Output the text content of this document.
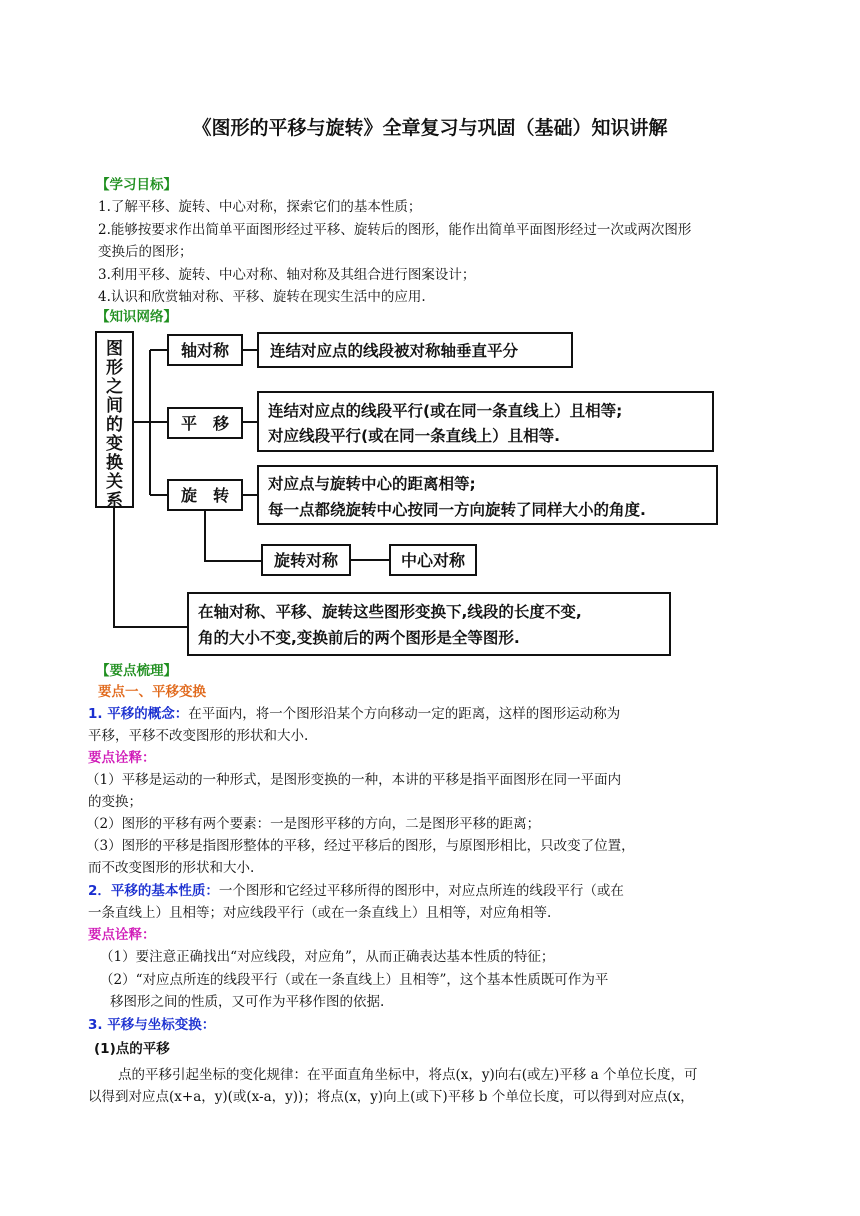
《图形的平移与旋转》全章复习与巩固（基础）知识讲解
【学习目标】
1.了解平移、旋转、中心对称，探索它们的基本性质；
2.能够按要求作出简单平面图形经过平移、旋转后的图形，能作出简单平面图形经过一次或两次图形
变换后的图形；
3.利用平移、旋转、中心对称、轴对称及其组合进行图案设计；
4.认识和欣赏轴对称、平移、旋转在现实生活中的应用.
【知识网络】
图
形
之
间
的
变
换
关
系
轴对称	连结对应点的线段被对称轴垂直平分
平　移
连结对应点的线段平行(或在同一条直线上）且相等;
对应线段平行(或在同一条直线上）且相等.
旋　转
对应点与旋转中心的距离相等;
每一点都绕旋转中心按同一方向旋转了同样大小的角度.
旋转对称	中心对称
在轴对称、平移、旋转这些图形变换下,线段的长度不变,
角的大小不变,变换前后的两个图形是全等图形.
【要点梳理】
要点一、平移变换
1. 平移的概念：在平面内，将一个图形沿某个方向移动一定的距离，这样的图形运动称为
平移，平移不改变图形的形状和大小.
要点诠释：
（1）平移是运动的一种形式，是图形变换的一种，本讲的平移是指平面图形在同一平面内
的变换；
（2）图形的平移有两个要素：一是图形平移的方向，二是图形平移的距离；
（3）图形的平移是指图形整体的平移，经过平移后的图形，与原图形相比，只改变了位置，
而不改变图形的形状和大小.
2．平移的基本性质：一个图形和它经过平移所得的图形中，对应点所连的线段平行（或在
一条直线上）且相等；对应线段平行（或在一条直线上）且相等，对应角相等.
要点诠释：
（1）要注意正确找出“对应线段，对应角”，从而正确表达基本性质的特征；
（2）“对应点所连的线段平行（或在一条直线上）且相等”，这个基本性质既可作为平
移图形之间的性质，又可作为平移作图的依据.
3. 平移与坐标变换：
(1)点的平移
点的平移引起坐标的变化规律：在平面直角坐标中，将点(x，y)向右(或左)平移 a 个单位长度，可
以得到对应点(x+a，y)(或(x-a，y))；将点(x，y)向上(或下)平移 b 个单位长度，可以得到对应点(x，
